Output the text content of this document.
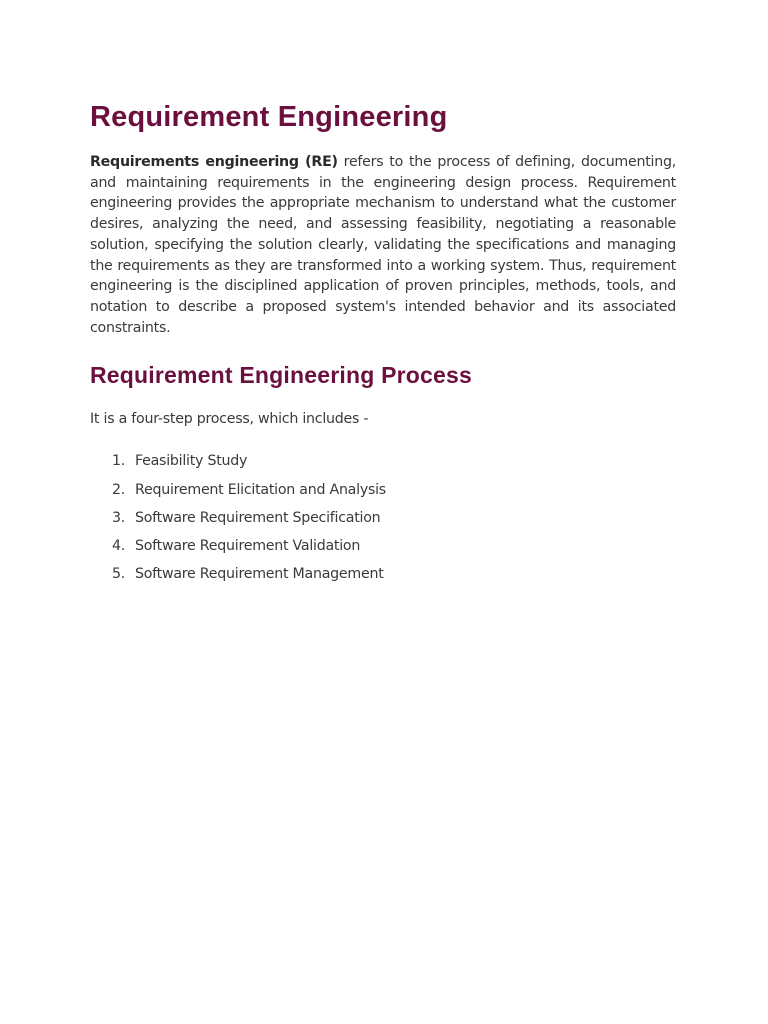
Requirement Engineering

Requirements engineering (RE) refers to the process of defining, documenting, and maintaining requirements in the engineering design process. Requirement engineering provides the appropriate mechanism to understand what the customer desires, analyzing the need, and assessing feasibility, negotiating a reasonable solution, specifying the solution clearly, validating the specifications and managing the requirements as they are transformed into a working system. Thus, requirement engineering is the disciplined application of proven principles, methods, tools, and notation to describe a proposed system's intended behavior and its associated constraints.

Requirement Engineering Process

It is a four-step process, which includes -

1. Feasibility Study
2. Requirement Elicitation and Analysis
3. Software Requirement Specification
4. Software Requirement Validation
5. Software Requirement Management
